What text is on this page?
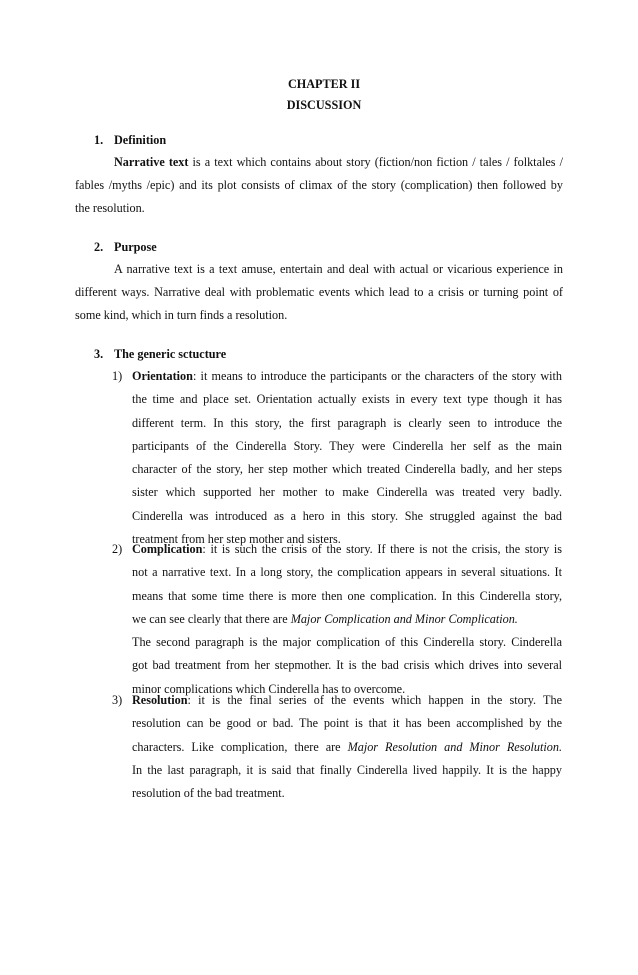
CHAPTER II
DISCUSSION
1. Definition
Narrative text is a text which contains about story (fiction/non fiction / tales / folktales /
fables /myths /epic) and its plot consists of climax of the story (complication) then followed by
the resolution.
2. Purpose
A narrative text is a text amuse, entertain and deal with actual or vicarious experience in
different ways. Narrative deal with problematic events which lead to a crisis or turning point of
some kind, which in turn finds a resolution.
3. The generic sctucture
1) Orientation: it means to introduce the participants or the characters of the story with
the time and place set. Orientation actually exists in every text type though it has
different term. In this story, the first paragraph is clearly seen to introduce the
participants of the Cinderella Story. They were Cinderella her self as the main
character of the story, her step mother which treated Cinderella badly, and her steps
sister which supported her mother to make Cinderella was treated very badly.
Cinderella was introduced as a hero in this story. She struggled against the bad
treatment from her step mother and sisters.
2) Complication: it is such the crisis of the story. If there is not the crisis, the story is
not a narrative text. In a long story, the complication appears in several situations. It
means that some time there is more then one complication. In this Cinderella story,
we can see clearly that there are Major Complication and Minor Complication.
The second paragraph is the major complication of this Cinderella story. Cinderella
got bad treatment from her stepmother. It is the bad crisis which drives into several
minor complications which Cinderella has to overcome.
3) Resolution: it is the final series of the events which happen in the story. The
resolution can be good or bad. The point is that it has been accomplished by the
characters. Like complication, there are Major Resolution and Minor Resolution.
In the last paragraph, it is said that finally Cinderella lived happily. It is the happy
resolution of the bad treatment.
